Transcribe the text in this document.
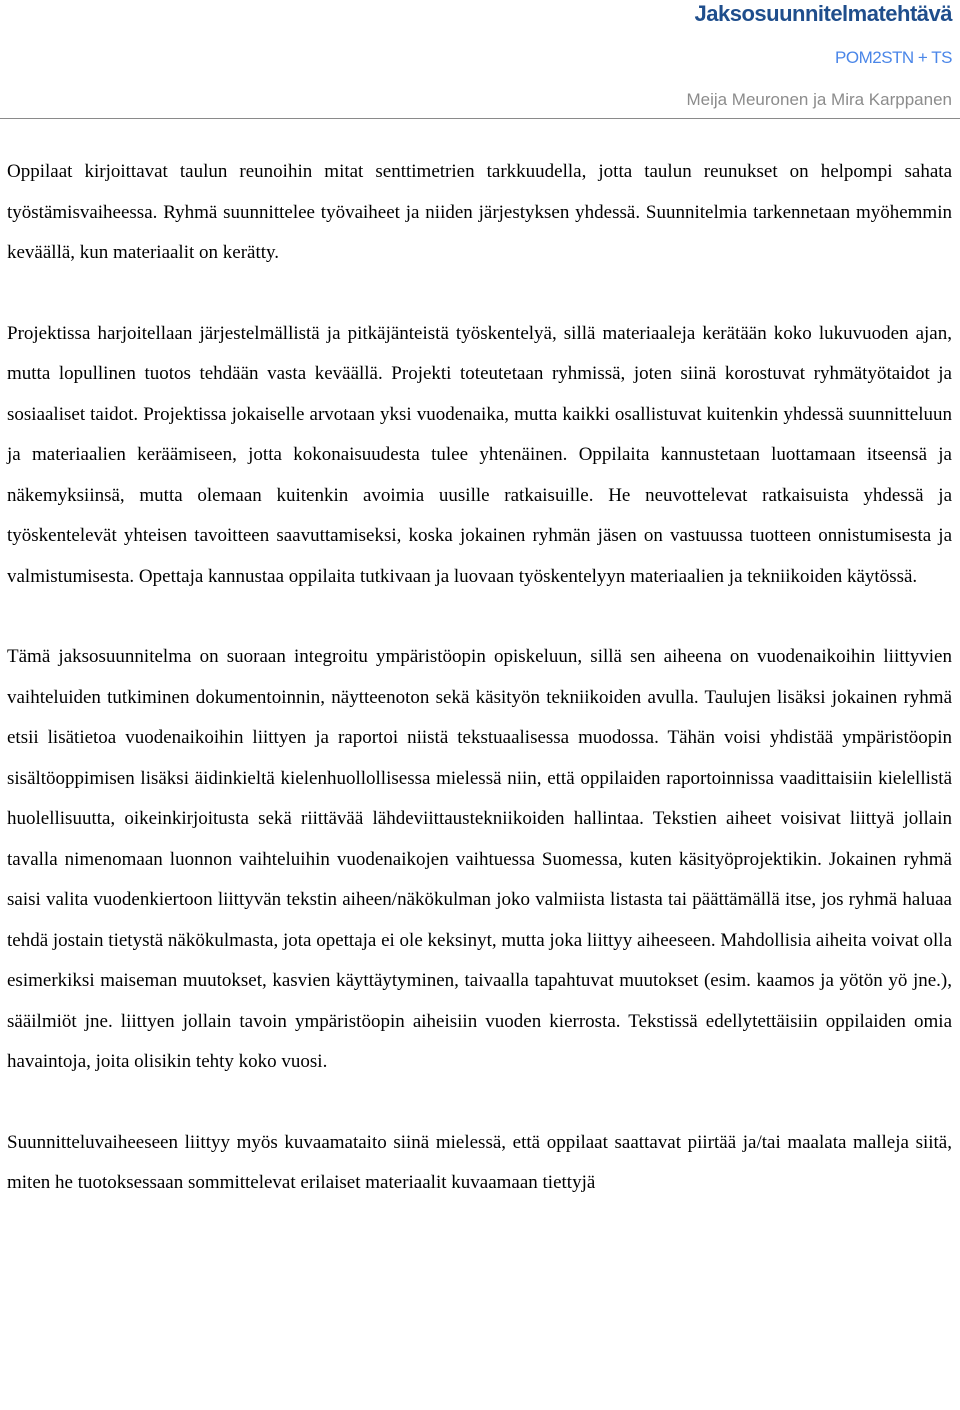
Jaksosuunnitelmatehtävä
POM2STN + TS
Meija Meuronen ja Mira Karppanen

Oppilaat kirjoittavat taulun reunoihin mitat senttimetrien tarkkuudella, jotta taulun reunukset on helpompi sahata työstämisvaiheessa. Ryhmä suunnittelee työvaiheet ja niiden järjestyksen yhdessä. Suunnitelmia tarkennetaan myöhemmin keväällä, kun materiaalit on kerätty.

Projektissa harjoitellaan järjestelmällistä ja pitkäjänteistä työskentelyä, sillä materiaaleja kerätään koko lukuvuoden ajan, mutta lopullinen tuotos tehdään vasta keväällä. Projekti toteutetaan ryhmissä, joten siinä korostuvat ryhmätyötaidot ja sosiaaliset taidot. Projektissa jokaiselle arvotaan yksi vuodenaika, mutta kaikki osallistuvat kuitenkin yhdessä suunnitteluun ja materiaalien keräämiseen, jotta kokonaisuudesta tulee yhtenäinen. Oppilaita kannustetaan luottamaan itseensä ja näkemyksiinsä, mutta olemaan kuitenkin avoimia uusille ratkaisuille. He neuvottelevat ratkaisuista yhdessä ja työskentelevät yhteisen tavoitteen saavuttamiseksi, koska jokainen ryhmän jäsen on vastuussa tuotteen onnistumisesta ja valmistumisesta. Opettaja kannustaa oppilaita tutkivaan ja luovaan työskentelyyn materiaalien ja tekniikoiden käytössä.

Tämä jaksosuunnitelma on suoraan integroitu ympäristöopin opiskeluun, sillä sen aiheena on vuodenaikoihin liittyvien vaihteluiden tutkiminen dokumentoinnin, näytteenoton sekä käsityön tekniikoiden avulla. Taulujen lisäksi jokainen ryhmä etsii lisätietoa vuodenaikoihin liittyen ja raportoi niistä tekstuaalisessa muodossa. Tähän voisi yhdistää ympäristöopin sisältöoppimisen lisäksi äidinkieltä kielenhuollollisessa mielessä niin, että oppilaiden raportoinnissa vaadittaisiin kielellistä huolellisuutta, oikeinkirjoitusta sekä riittävää lähdeviittaustekniikoiden hallintaa. Tekstien aiheet voisivat liittyä jollain tavalla nimenomaan luonnon vaihteluihin vuodenaikojen vaihtuessa Suomessa, kuten käsityöprojektikin. Jokainen ryhmä saisi valita vuodenkiertoon liittyvän tekstin aiheen/näkökulman joko valmiista listasta tai päättämällä itse, jos ryhmä haluaa tehdä jostain tietystä näkökulmasta, jota opettaja ei ole keksinyt, mutta joka liittyy aiheeseen. Mahdollisia aiheita voivat olla esimerkiksi maiseman muutokset, kasvien käyttäytyminen, taivaalla tapahtuvat muutokset (esim. kaamos ja yötön yö jne.), sääilmiöt jne. liittyen jollain tavoin ympäristöopin aiheisiin vuoden kierrosta. Tekstissä edellytettäisiin oppilaiden omia havaintoja, joita olisikin tehty koko vuosi.

Suunnitteluvaiheeseen liittyy myös kuvaamataito siinä mielessä, että oppilaat saattavat piirtää ja/tai maalata malleja siitä, miten he tuotoksessaan sommittelevat erilaiset materiaalit kuvaamaan tiettyjä
